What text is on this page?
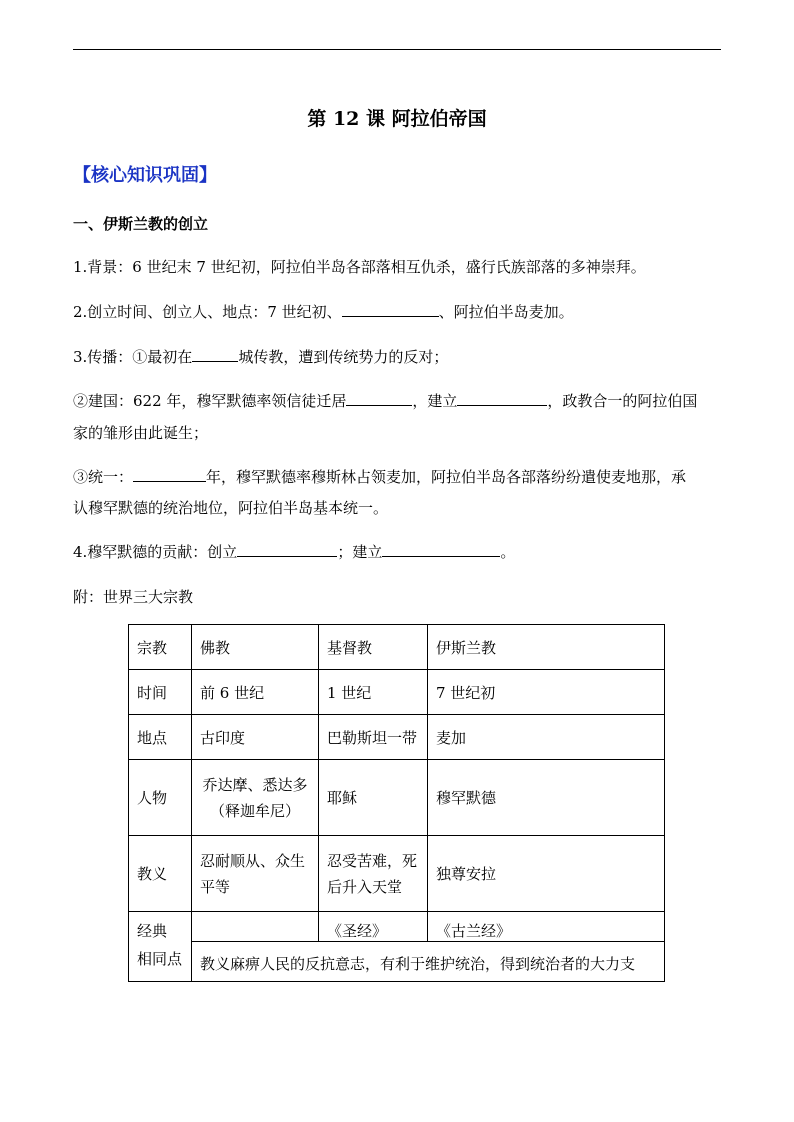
第 12 课 阿拉伯帝国
【核心知识巩固】
一、伊斯兰教的创立
1.背景：6 世纪末 7 世纪初，阿拉伯半岛各部落相互仇杀，盛行氏族部落的多神崇拜。
2.创立时间、创立人、地点：7 世纪初、	、阿拉伯半岛麦加。
3.传播：①最初在	城传教，遭到传统势力的反对；
②建国：622 年，穆罕默德率领信徒迁居	，建立	，政教合一的阿拉伯国
家的雏形由此诞生；
③统一：	年，穆罕默德率穆斯林占领麦加，阿拉伯半岛各部落纷纷遣使麦地那，承
认穆罕默德的统治地位，阿拉伯半岛基本统一。
4.穆罕默德的贡献：创立	；建立	。
附：世界三大宗教
宗教	佛教	基督教	伊斯兰教
时间	前 6 世纪	1 世纪	7 世纪初
地点	古印度	巴勒斯坦一带	麦加
人物	乔达摩、悉达多（释迦牟尼）	耶稣	穆罕默德
教义	忍耐顺从、众生平等	忍受苦难，死后升入天堂	独尊安拉
经典		《圣经》	《古兰经》
相同点	教义麻痹人民的反抗意志，有利于维护统治，得到统治者的大力支		
